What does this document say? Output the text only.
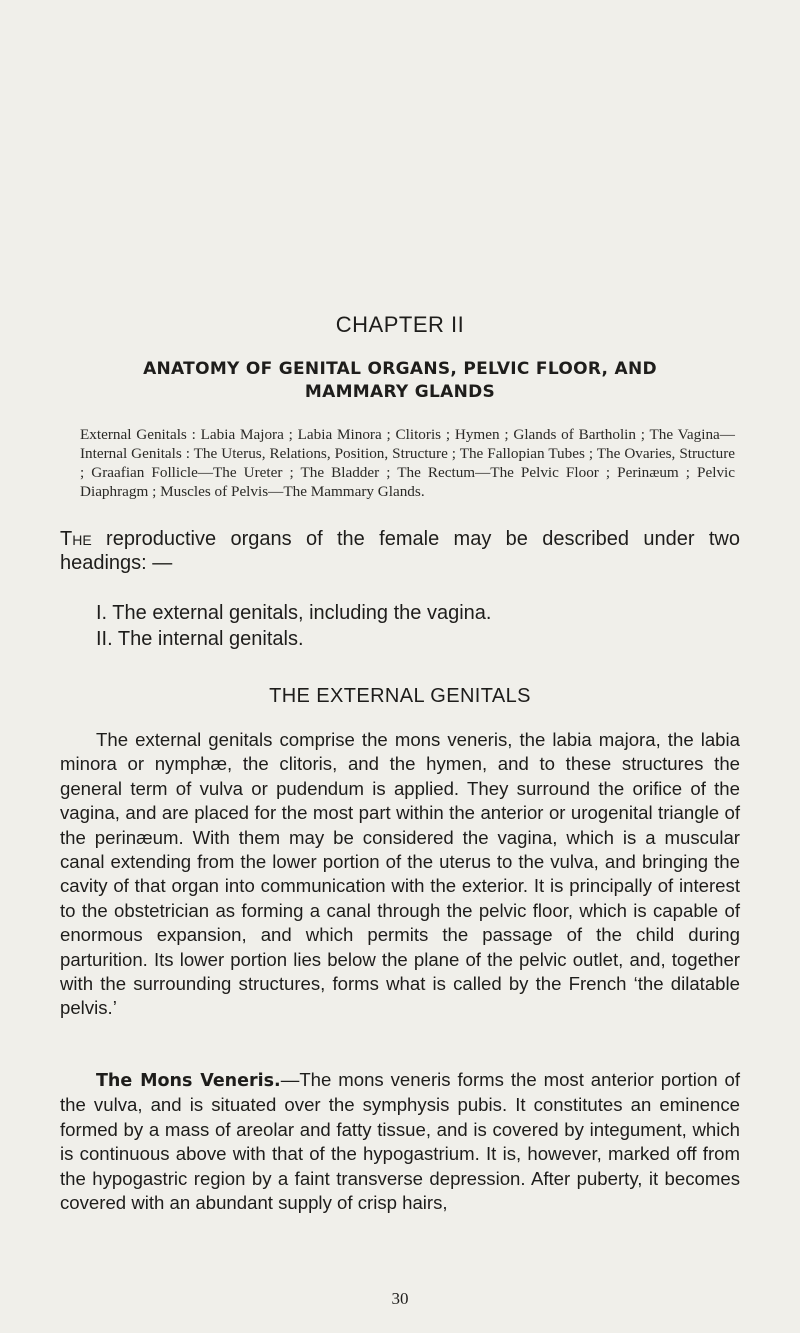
CHAPTER II
ANATOMY OF GENITAL ORGANS, PELVIC FLOOR, AND MAMMARY GLANDS
External Genitals : Labia Majora ; Labia Minora ; Clitoris ; Hymen ; Glands of Bartholin ; The Vagina—Internal Genitals : The Uterus, Relations, Position, Structure ; The Fallopian Tubes ; The Ovaries, Structure ; Graafian Follicle—The Ureter ; The Bladder ; The Rectum—The Pelvic Floor ; Perinæum ; Pelvic Diaphragm ; Muscles of Pelvis—The Mammary Glands.
The reproductive organs of the female may be described under two headings: —
I. The external genitals, including the vagina.
II. The internal genitals.
THE EXTERNAL GENITALS
The external genitals comprise the mons veneris, the labia majora, the labia minora or nymphæ, the clitoris, and the hymen, and to these structures the general term of vulva or pudendum is applied. They surround the orifice of the vagina, and are placed for the most part within the anterior or urogenital triangle of the perinæum. With them may be considered the vagina, which is a muscular canal extending from the lower portion of the uterus to the vulva, and bringing the cavity of that organ into communication with the exterior. It is principally of interest to the obstetrician as forming a canal through the pelvic floor, which is capable of enormous expansion, and which permits the passage of the child during parturition. Its lower portion lies below the plane of the pelvic outlet, and, together with the surrounding structures, forms what is called by the French ‘the dilatable pelvis.’
The Mons Veneris.—The mons veneris forms the most anterior portion of the vulva, and is situated over the symphysis pubis. It constitutes an eminence formed by a mass of areolar and fatty tissue, and is covered by integument, which is continuous above with that of the hypogastrium. It is, however, marked off from the hypogastric region by a faint transverse depression. After puberty, it becomes covered with an abundant supply of crisp hairs,
30
